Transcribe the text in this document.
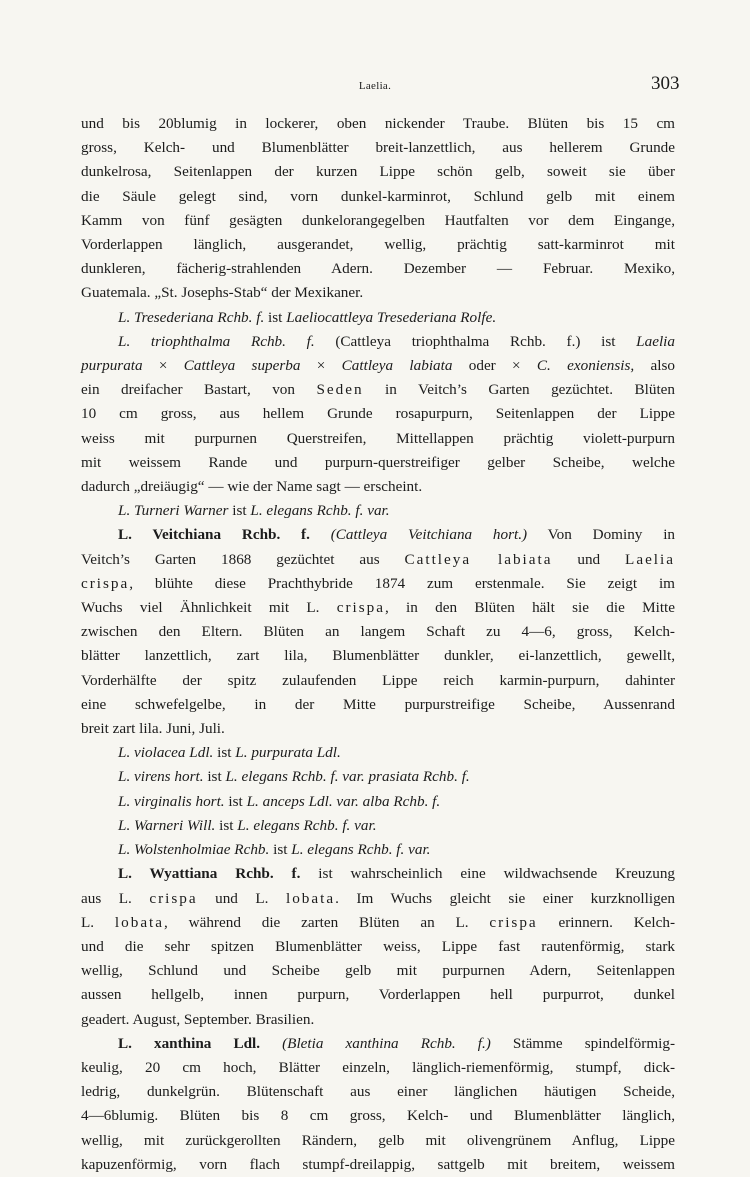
Laelia.	303
und bis 20blumig in lockerer, oben nickender Traube. Blüten bis 15 cm
gross, Kelch- und Blumenblätter breit-lanzettlich, aus hellerem Grunde
dunkelrosa, Seitenlappen der kurzen Lippe schön gelb, soweit sie über
die Säule gelegt sind, vorn dunkel-karminrot, Schlund gelb mit einem
Kamm von fünf gesägten dunkelorangegelben Hautfalten vor dem Eingange,
Vorderlappen länglich, ausgerandet, wellig, prächtig satt-karminrot mit
dunkleren, fächerig-strahlenden Adern. Dezember — Februar. Mexiko,
Guatemala. „St. Josephs-Stab“ der Mexikaner.
L. Tresederiana Rchb. f. ist Laeliocattleya Tresederiana Rolfe.
L. triophthalma Rchb. f. (Cattleya triophthalma Rchb. f.) ist Laelia
purpurata × Cattleya superba × Cattleya labiata oder × C. exoniensis, also
ein dreifacher Bastart, von Seden in Veitch’s Garten gezüchtet. Blüten
10 cm gross, aus hellem Grunde rosapurpurn, Seitenlappen der Lippe
weiss mit purpurnen Querstreifen, Mittellappen prächtig violett-purpurn
mit weissem Rande und purpurn-querstreifiger gelber Scheibe, welche
dadurch „dreiäugig“ — wie der Name sagt — erscheint.
L. Turneri Warner ist L. elegans Rchb. f. var.
L. Veitchiana Rchb. f. (Cattleya Veitchiana hort.) Von Dominy in
Veitch’s Garten 1868 gezüchtet aus Cattleya labiata und Laelia
crispa, blühte diese Prachthybride 1874 zum erstenmale. Sie zeigt im
Wuchs viel Ähnlichkeit mit L. crispa, in den Blüten hält sie die Mitte
zwischen den Eltern. Blüten an langem Schaft zu 4—6, gross, Kelch-
blätter lanzettlich, zart lila, Blumenblätter dunkler, ei-lanzettlich, gewellt,
Vorderhälfte der spitz zulaufenden Lippe reich karmin-purpurn, dahinter
eine schwefelgelbe, in der Mitte purpurstreifige Scheibe, Aussenrand
breit zart lila. Juni, Juli.
L. violacea Ldl. ist L. purpurata Ldl.
L. virens hort. ist L. elegans Rchb. f. var. prasiata Rchb. f.
L. virginalis hort. ist L. anceps Ldl. var. alba Rchb. f.
L. Warneri Will. ist L. elegans Rchb. f. var.
L. Wolstenholmiae Rchb. ist L. elegans Rchb. f. var.
L. Wyattiana Rchb. f. ist wahrscheinlich eine wildwachsende Kreuzung
aus L. crispa und L. lobata. Im Wuchs gleicht sie einer kurzknolligen
L. lobata, während die zarten Blüten an L. crispa erinnern. Kelch-
und die sehr spitzen Blumenblätter weiss, Lippe fast rautenförmig, stark
wellig, Schlund und Scheibe gelb mit purpurnen Adern, Seitenlappen
aussen hellgelb, innen purpurn, Vorderlappen hell purpurrot, dunkel
geadert. August, September. Brasilien.
L. xanthina Ldl. (Bletia xanthina Rchb. f.) Stämme spindelförmig-
keulig, 20 cm hoch, Blätter einzeln, länglich-riemenförmig, stumpf, dick-
ledrig, dunkelgrün. Blütenschaft aus einer länglichen häutigen Scheide,
4—6blumig. Blüten bis 8 cm gross, Kelch- und Blumenblätter länglich,
wellig, mit zurückgerollten Rändern, gelb mit olivengrünem Anflug, Lippe
kapuzenförmig, vorn flach stumpf-dreilappig, sattgelb mit breitem, weissem
